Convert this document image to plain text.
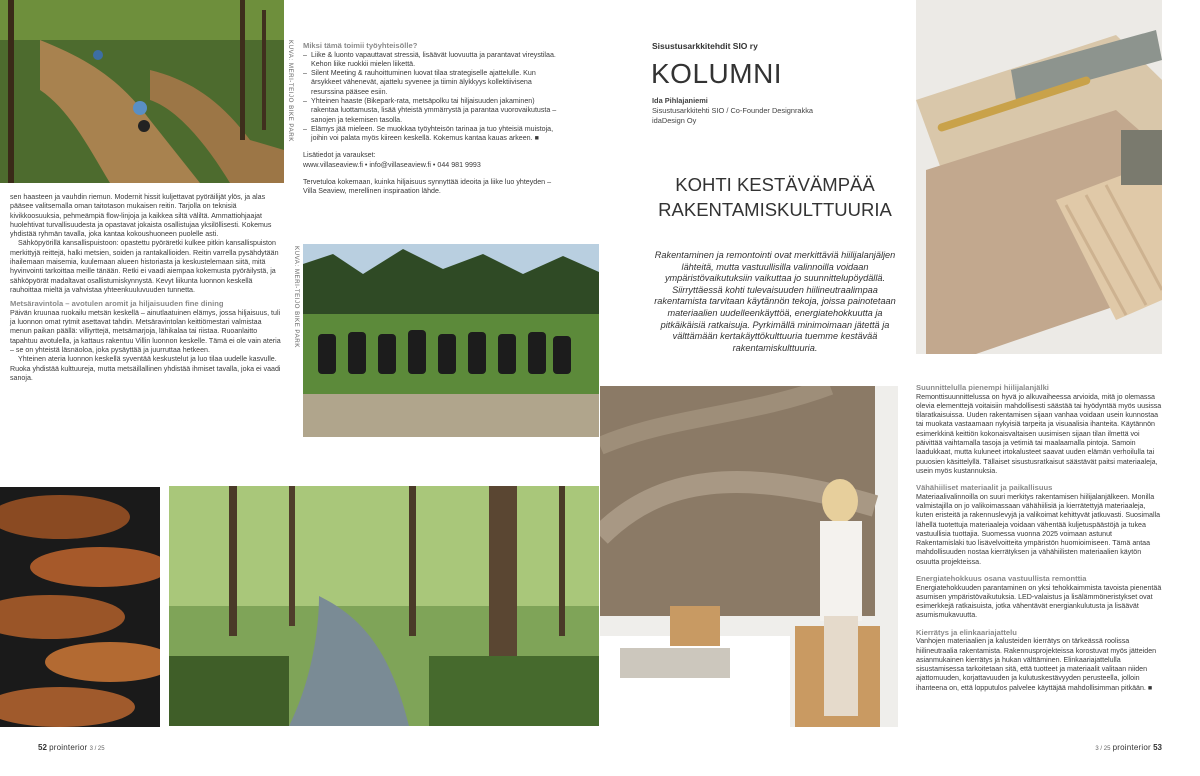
KUVA: MERI-TEIJO BIKE PARK
KUVA: MERI-TEIJO BIKE PARK

sen haasteen ja vauhdin riemun. Modernit hissit kuljettavat pyöräilijät ylös, ja alas pääsee valitsemalla oman taitotason mukaisen reitin. Tarjolla on teknisiä kivikkoosuuksia, pehmeämpiä flow-linjoja ja kaikkea siltä väliltä. Ammattiohjaajat huolehtivat turvallisuudesta ja opastavat jokaista osallistujaa yksilöllisesti. Kokemus yhdistää ryhmän tavalla, joka kantaa kokoushuoneen puolelle asti.

Sähköpyörillä kansallispuistoon: opastettu pyöräretki kulkee pitkin kansallispuiston merkittyjä reittejä, halki metsien, soiden ja rantakallioiden. Reitin varrella pysähdytään ihailemaan maisemia, kuulemaan alueen historiasta ja keskustelemaan siitä, mitä hyvinvointi tarkoittaa meille tänään. Retki ei vaadi aiempaa kokemusta pyöräilystä, ja sähköpyörät madaltavat osallistumiskynnystä. Kevyt liikunta luonnon keskellä rauhoittaa mieltä ja vahvistaa yhteenkuuluvuuden tunnetta.

Metsäravintola – avotulen aromit ja hiljaisuuden fine dining

Päivän kruunaa ruokailu metsän keskellä – ainutlaatuinen elämys, jossa hiljaisuus, tuli ja luonnon omat rytmit asettavat tahdin. Metsäravintolan keittiömestari valmistaa menun paikan päällä: villiyrttejä, metsämarjoja, lähikalaa tai riistaa. Ruoanlaitto tapahtuu avotulella, ja kattaus rakentuu Villin luonnon keskelle. Tämä ei ole vain ateria – se on yhteistä läsnäoloa, joka pysäyttää ja juurruttaa hetkeen.

Yhteinen ateria luonnon keskellä syventää keskustelut ja luo tilaa uudelle kasvulle. Ruoka yhdistää kulttuureja, mutta metsäillallinen yhdistää ihmiset tavalla, joka ei vaadi sanoja.

Miksi tämä toimii työyhteisölle?

– Liike & luonto vapauttavat stressiä, lisäävät luovuutta ja parantavat vireystilaa. Kehon liike ruokkii mielen liikettä.
– Silent Meeting & rauhoittuminen luovat tilaa strategiselle ajattelulle. Kun ärsykkeet vähenevät, ajattelu syvenee ja tiimin älykkyys kollektiivisena resurssina pääsee esiin.
– Yhteinen haaste (Bikepark-rata, metsäpolku tai hiljaisuuden jakaminen) rakentaa luottamusta, lisää yhteistä ymmärrystä ja parantaa vuorovaikutusta – sanojen ja tekemisen tasolla.
– Elämys jää mieleen. Se muokkaa työyhteisön tarinaa ja tuo yhteisiä muistoja, joihin voi palata myös kiireen keskellä. Kokemus kantaa kauas arkeen. ■

Lisätiedot ja varaukset:

www.villaseaview.fi • info@villaseaview.fi • 044 981 9993

Tervetuloa kokemaan, kuinka hiljaisuus synnyttää ideoita ja liike luo yhteyden – Villa Seaview, merellinen inspiraation lähde.

Sisustusarkkitehdit SIO ry
KOLUMNI
Ida Pihlajaniemi
Sisustusarkkitehti SIO / Co-Founder Designrakka
idaDesign Oy
KOHTI KESTÄVÄMPÄÄ
RAKENTAMISKULTTUURIA
Rakentaminen ja remontointi ovat merkittäviä hiilijalanjäljen lähteitä, mutta vastuullisilla valinnoilla voidaan ympäristövaikutuksiin vaikuttaa jo suunnittelupöydällä. Siirryttäessä kohti tulevaisuuden hiilineutraalimpaa rakentamista tarvitaan käytännön tekoja, joissa painotetaan materiaalien uudelleenkäyttöä, energiatehokkuutta ja pitkäikäisiä ratkaisuja. Pyrkimällä minimoimaan jätettä ja välttämään kertakäyttökulttuuria tuemme kestävää rakentamiskulttuuria.

Suunnittelulla pienempi hiilijalanjälki

Remonttisuunnittelussa on hyvä jo alkuvaiheessa arvioida, mitä jo olemassa olevia elementtejä voitaisiin mahdollisesti säästää tai hyödyntää myös uusissa tilaratkaisuissa. Uuden rakentamisen sijaan vanhaa voidaan usein kunnostaa tai muokata vastaamaan nykyisiä tarpeita ja visuaalisia ihanteita. Käytännön esimerkkinä keittiön kokonaisvaltaisen uusimisen sijaan tilan ilmettä voi päivittää vaihtamalla tasoja ja vetimiä tai maalaamalla pintoja. Samoin laadukkaat, mutta kuluneet irtokalusteet saavat uuden elämän verhoilulla tai puuosien käsittelyllä. Tällaiset sisustusratkaisut säästävät paitsi materiaaleja, usein myös kustannuksia.

Vähähiiliset materiaalit ja paikallisuus

Materiaalivalinnoilla on suuri merkitys rakentamisen hiilijalanjälkeen. Monilla valmistajilla on jo valikoimassaan vähähiilisiä ja kierrätettyjä materiaaleja, kuten eristeitä ja rakennuslevyjä ja valikoimat kehittyvät jatkuvasti. Suosimalla lähellä tuotettuja materiaaleja voidaan vähentää kuljetuspäästöjä ja tukea vastuullisia tuottajia. Suomessa vuonna 2025 voimaan astunut Rakentamislaki tuo lisävelvoitteita ympäristön huomioimiseen. Tämä antaa mahdollisuuden nostaa kierrätyksen ja vähähiilisten materiaalien käytön osuutta projekteissa.

Energiatehokkuus osana vastuullista remonttia

Energiatehokkuuden parantaminen on yksi tehokkaimmista tavoista pienentää asumisen ympäristövaikutuksia. LED-valaistus ja lisälämmöneristykset ovat esimerkkejä ratkaisuista, jotka vähentävät energiankulutusta ja lisäävät asumismukavuutta.

Kierrätys ja elinkaariajattelu

Vanhojen materiaalien ja kalusteiden kierrätys on tärkeässä roolissa hiilineutraalia rakentamista. Rakennusprojekteissa korostuvat myös jätteiden asianmukainen kierrätys ja hukan välttäminen. Elinkaariajattelulla sisustamisessa tarkoitetaan sitä, että tuotteet ja materiaalit valitaan niiden ajattomuuden, korjattavuuden ja kulutuskestävyyden perusteella, jolloin ihanteena on, että lopputulos palvelee käyttäjää mahdollisimman pitkään. ■

52 prointerior 3 / 25	3 / 25 prointerior 53
